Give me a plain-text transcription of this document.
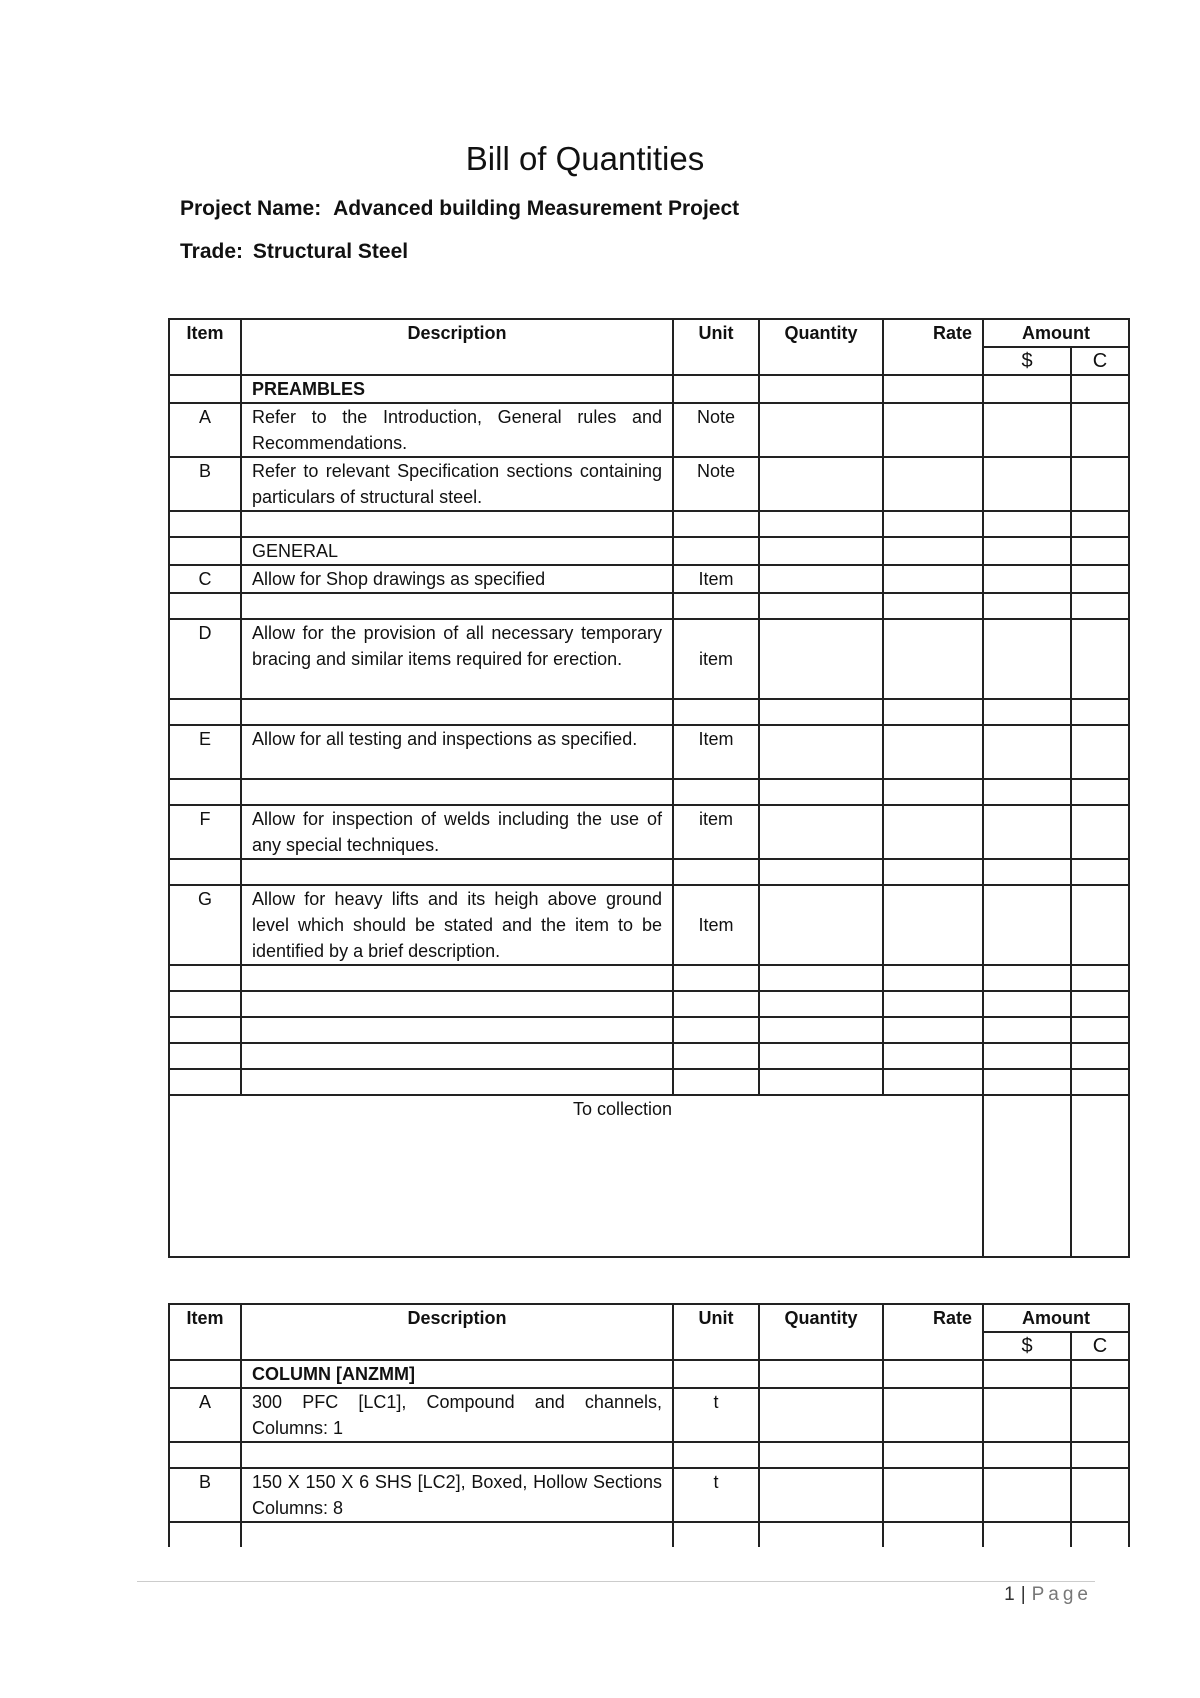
Bill of Quantities
Project Name: Advanced building Measurement Project
Trade: Structural Steel
Item	Description	Unit	Quantity	Rate	Amount	
					$	C
	PREAMBLES					
A	Refer to the Introduction, General rules and Recommendations.	Note				
B	Refer to relevant Specification sections containing particulars of structural steel.	Note				

	GENERAL					
C	Allow for Shop drawings as specified	Item				

D	Allow for the provision of all necessary temporary bracing and similar items required for erection.	item				

E	Allow for all testing and inspections as specified.	Item				

F	Allow for inspection of welds including the use of any special techniques.	item				

G	Allow for heavy lifts and its heigh above ground level which should be stated and the item to be identified by a brief description.	Item				

To collection						
Item	Description	Unit	Quantity	Rate	Amount	
					$	C
	COLUMN [ANZMM]					
A	300 PFC [LC1], Compound and channels, Columns: 1	t				

B	150 X 150 X 6 SHS [LC2], Boxed, Hollow Sections Columns: 8	t				

1 | Page
